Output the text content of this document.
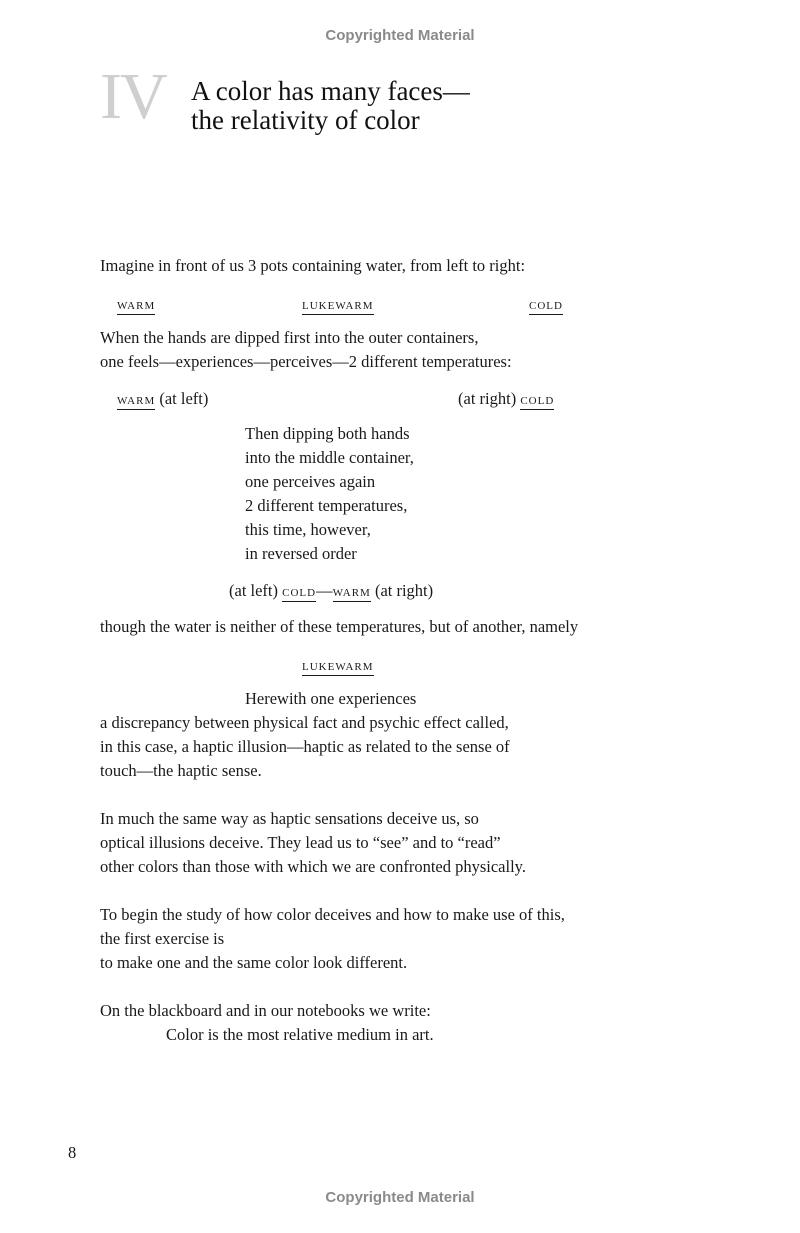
Copyrighted Material
IV A color has many faces—
the relativity of color
Imagine in front of us 3 pots containing water, from left to right:
WARM	LUKEWARM	COLD
When the hands are dipped first into the outer containers,
one feels—experiences—perceives—2 different temperatures:
WARM (at left)	(at right) COLD
Then dipping both hands
into the middle container,
one perceives again
2 different temperatures,
this time, however,
in reversed order
(at left) COLD—WARM (at right)
though the water is neither of these temperatures, but of another, namely
LUKEWARM
Herewith one experiences
a discrepancy between physical fact and psychic effect called,
in this case, a haptic illusion—haptic as related to the sense of
touch—the haptic sense.
In much the same way as haptic sensations deceive us, so
optical illusions deceive. They lead us to “see” and to “read”
other colors than those with which we are confronted physically.
To begin the study of how color deceives and how to make use of this,
the first exercise is
to make one and the same color look different.
On the blackboard and in our notebooks we write:
Color is the most relative medium in art.
8
Copyrighted Material
